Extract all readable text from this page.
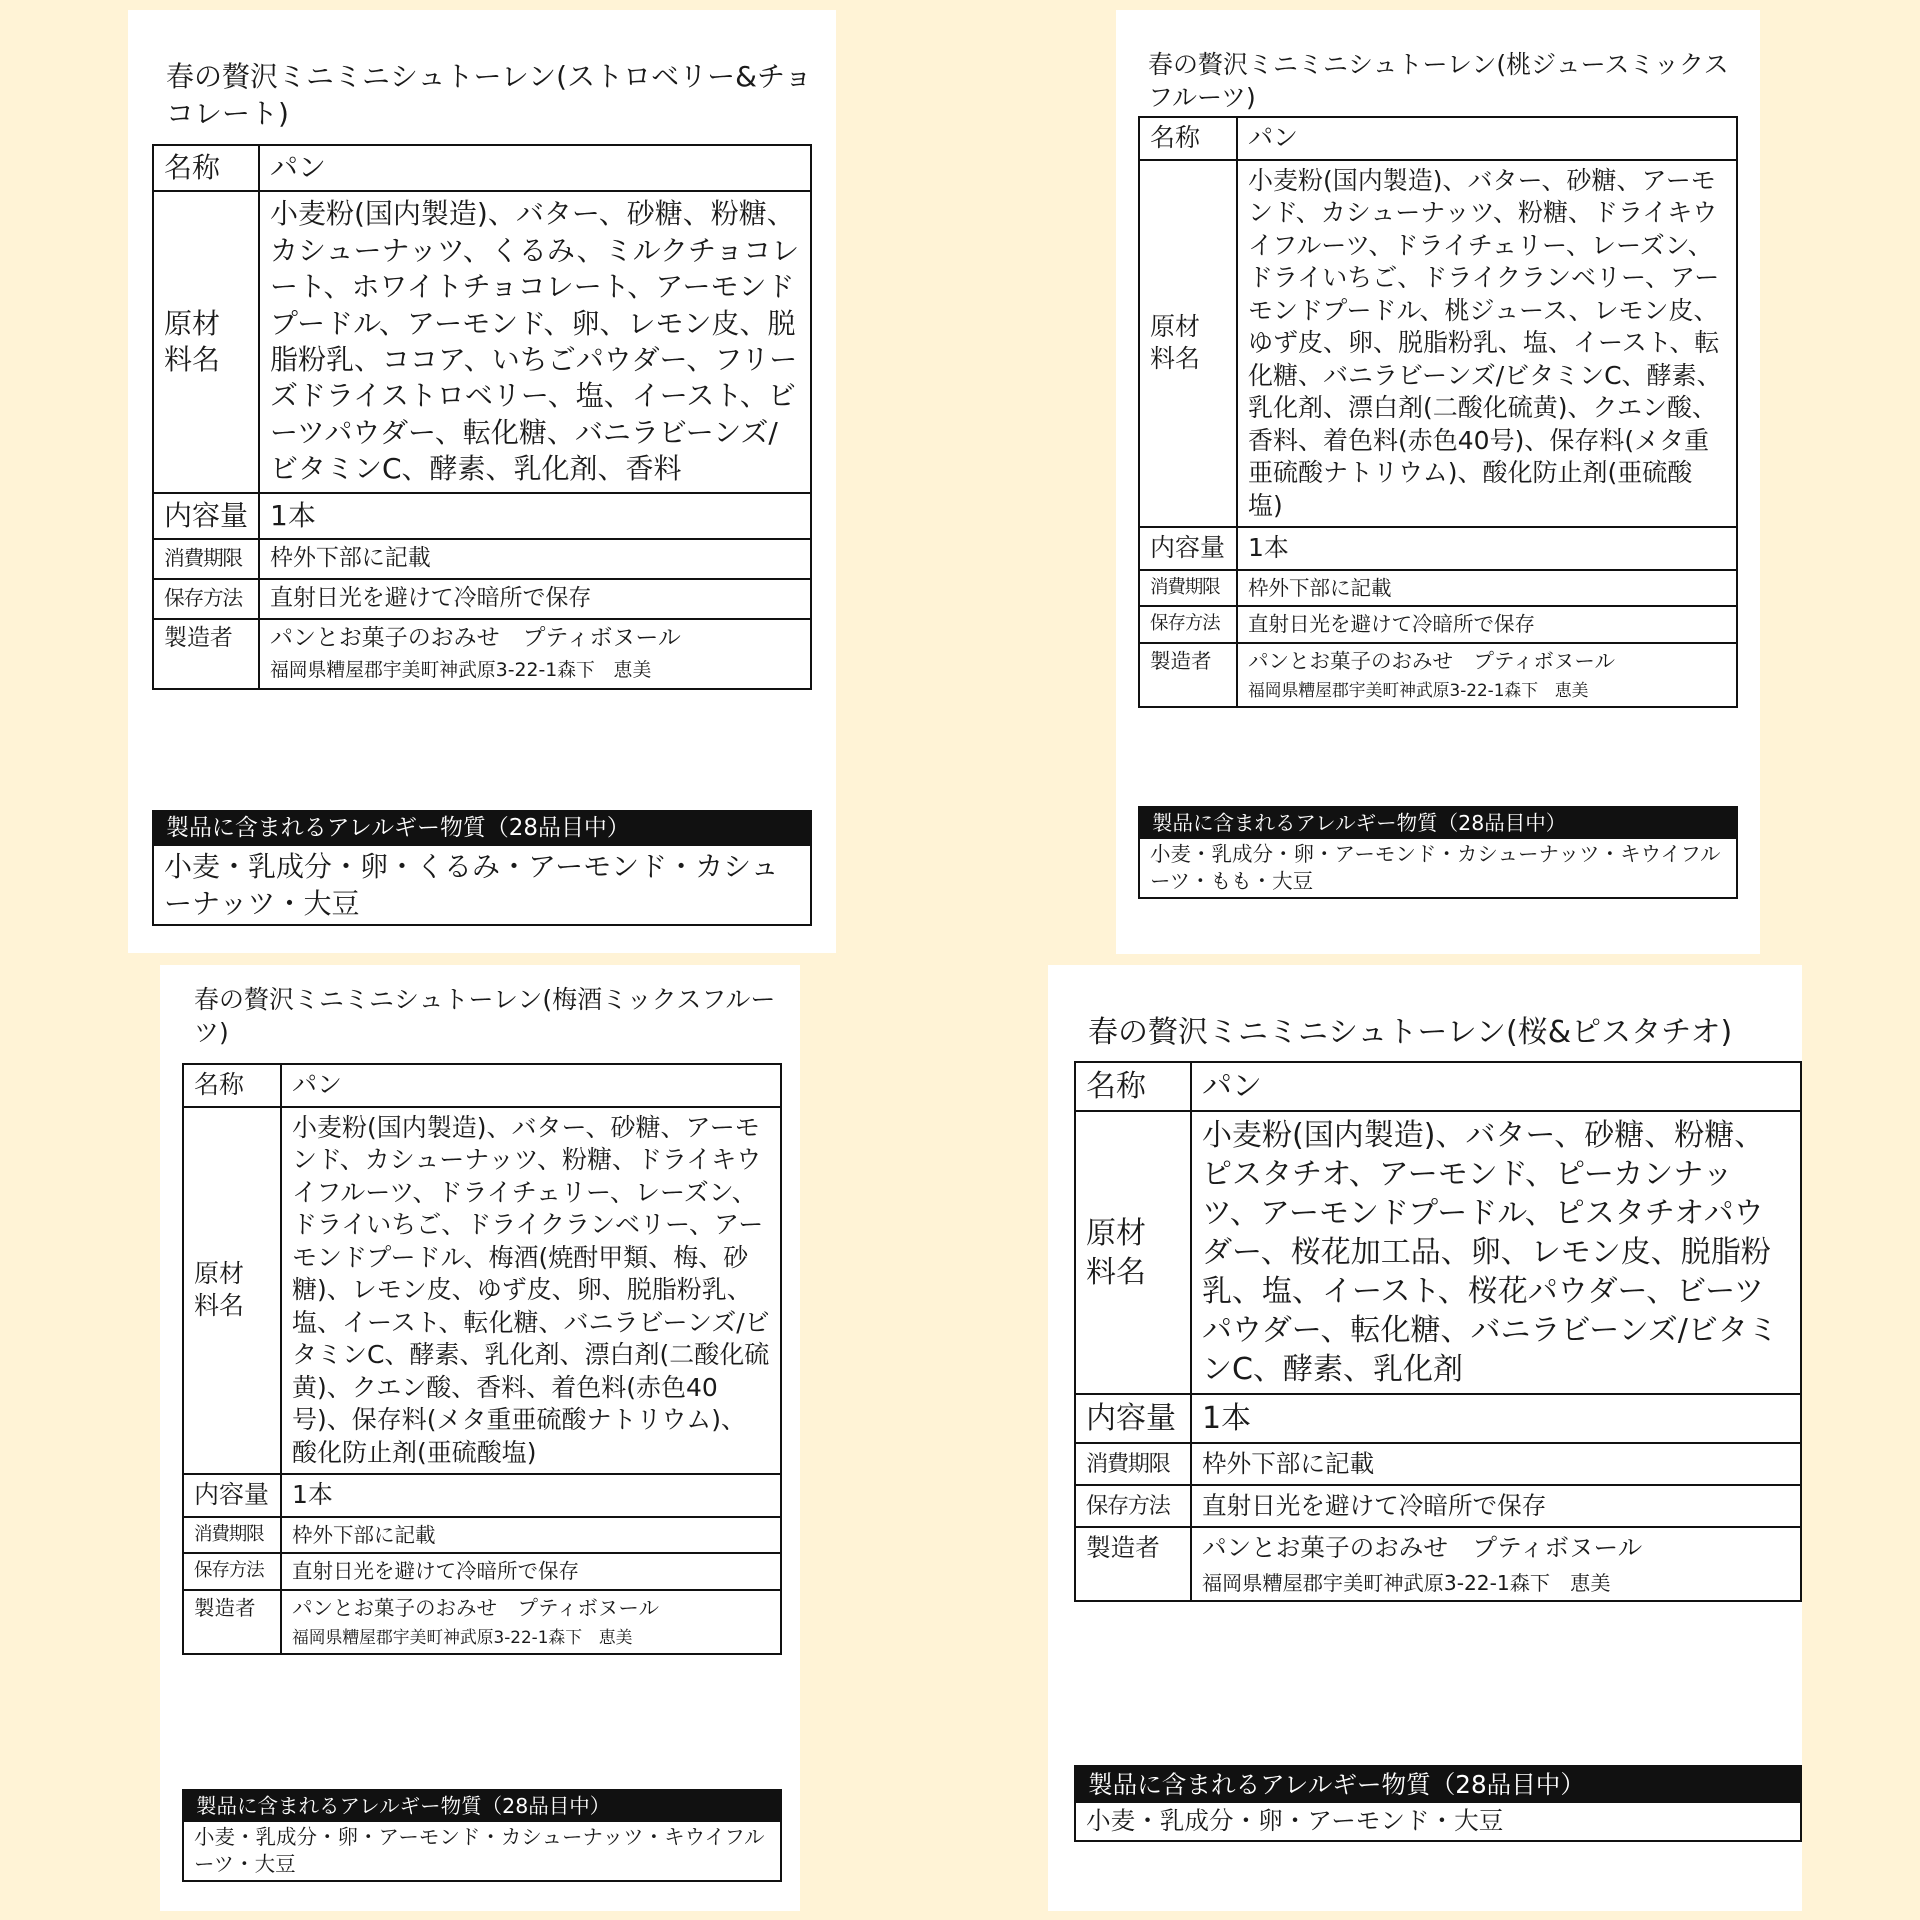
春の贅沢ミニミニシュトーレン(ストロベリー&チョコレート)
名称	パン
原材
料名	小麦粉(国内製造)、バター、砂糖、粉糖、カシューナッツ、くるみ、ミルクチョコレート、ホワイトチョコレート、アーモンドプードル、アーモンド、卵、レモン皮、脱脂粉乳、ココア、いちごパウダー、フリーズドライストロベリー、塩、イースト、ビーツパウダー、転化糖、バニラビーンズ/ビタミンC、酵素、乳化剤、香料
内容量	1本
消費期限	枠外下部に記載
保存方法	直射日光を避けて冷暗所で保存
製造者	パンとお菓子のおみせ　プティボヌール
福岡県糟屋郡宇美町神武原3-22-1森下　恵美
製品に含まれるアレルギー物質（28品目中）
小麦・乳成分・卵・くるみ・アーモンド・カシューナッツ・大豆
春の贅沢ミニミニシュトーレン(桃ジュースミックスフルーツ)
名称	パン
原材
料名	小麦粉(国内製造)、バター、砂糖、アーモンド、カシューナッツ、粉糖、ドライキウイフルーツ、ドライチェリー、レーズン、ドライいちご、ドライクランベリー、アーモンドプードル、桃ジュース、レモン皮、ゆず皮、卵、脱脂粉乳、塩、イースト、転化糖、バニラビーンズ/ビタミンC、酵素、乳化剤、漂白剤(二酸化硫黄)、クエン酸、香料、着色料(赤色40号)、保存料(メタ重亜硫酸ナトリウム)、酸化防止剤(亜硫酸塩)
内容量	1本
消費期限	枠外下部に記載
保存方法	直射日光を避けて冷暗所で保存
製造者	パンとお菓子のおみせ　プティボヌール
福岡県糟屋郡宇美町神武原3-22-1森下　恵美
製品に含まれるアレルギー物質（28品目中）
小麦・乳成分・卵・アーモンド・カシューナッツ・キウイフルーツ・もも・大豆
春の贅沢ミニミニシュトーレン(梅酒ミックスフルーツ)
名称	パン
原材
料名	小麦粉(国内製造)、バター、砂糖、アーモンド、カシューナッツ、粉糖、ドライキウイフルーツ、ドライチェリー、レーズン、ドライいちご、ドライクランベリー、アーモンドプードル、梅酒(焼酎甲類、梅、砂糖)、レモン皮、ゆず皮、卵、脱脂粉乳、塩、イースト、転化糖、バニラビーンズ/ビタミンC、酵素、乳化剤、漂白剤(二酸化硫黄)、クエン酸、香料、着色料(赤色40号)、保存料(メタ重亜硫酸ナトリウム)、酸化防止剤(亜硫酸塩)
内容量	1本
消費期限	枠外下部に記載
保存方法	直射日光を避けて冷暗所で保存
製造者	パンとお菓子のおみせ　プティボヌール
福岡県糟屋郡宇美町神武原3-22-1森下　恵美
製品に含まれるアレルギー物質（28品目中）
小麦・乳成分・卵・アーモンド・カシューナッツ・キウイフルーツ・大豆
春の贅沢ミニミニシュトーレン(桜&ピスタチオ)
名称	パン
原材
料名	小麦粉(国内製造)、バター、砂糖、粉糖、ピスタチオ、アーモンド、ピーカンナッツ、アーモンドプードル、ピスタチオパウダー、桜花加工品、卵、レモン皮、脱脂粉乳、塩、イースト、桜花パウダー、ビーツパウダー、転化糖、バニラビーンズ/ビタミンC、酵素、乳化剤
内容量	1本
消費期限	枠外下部に記載
保存方法	直射日光を避けて冷暗所で保存
製造者	パンとお菓子のおみせ　プティボヌール
福岡県糟屋郡宇美町神武原3-22-1森下　恵美
製品に含まれるアレルギー物質（28品目中）
小麦・乳成分・卵・アーモンド・大豆
